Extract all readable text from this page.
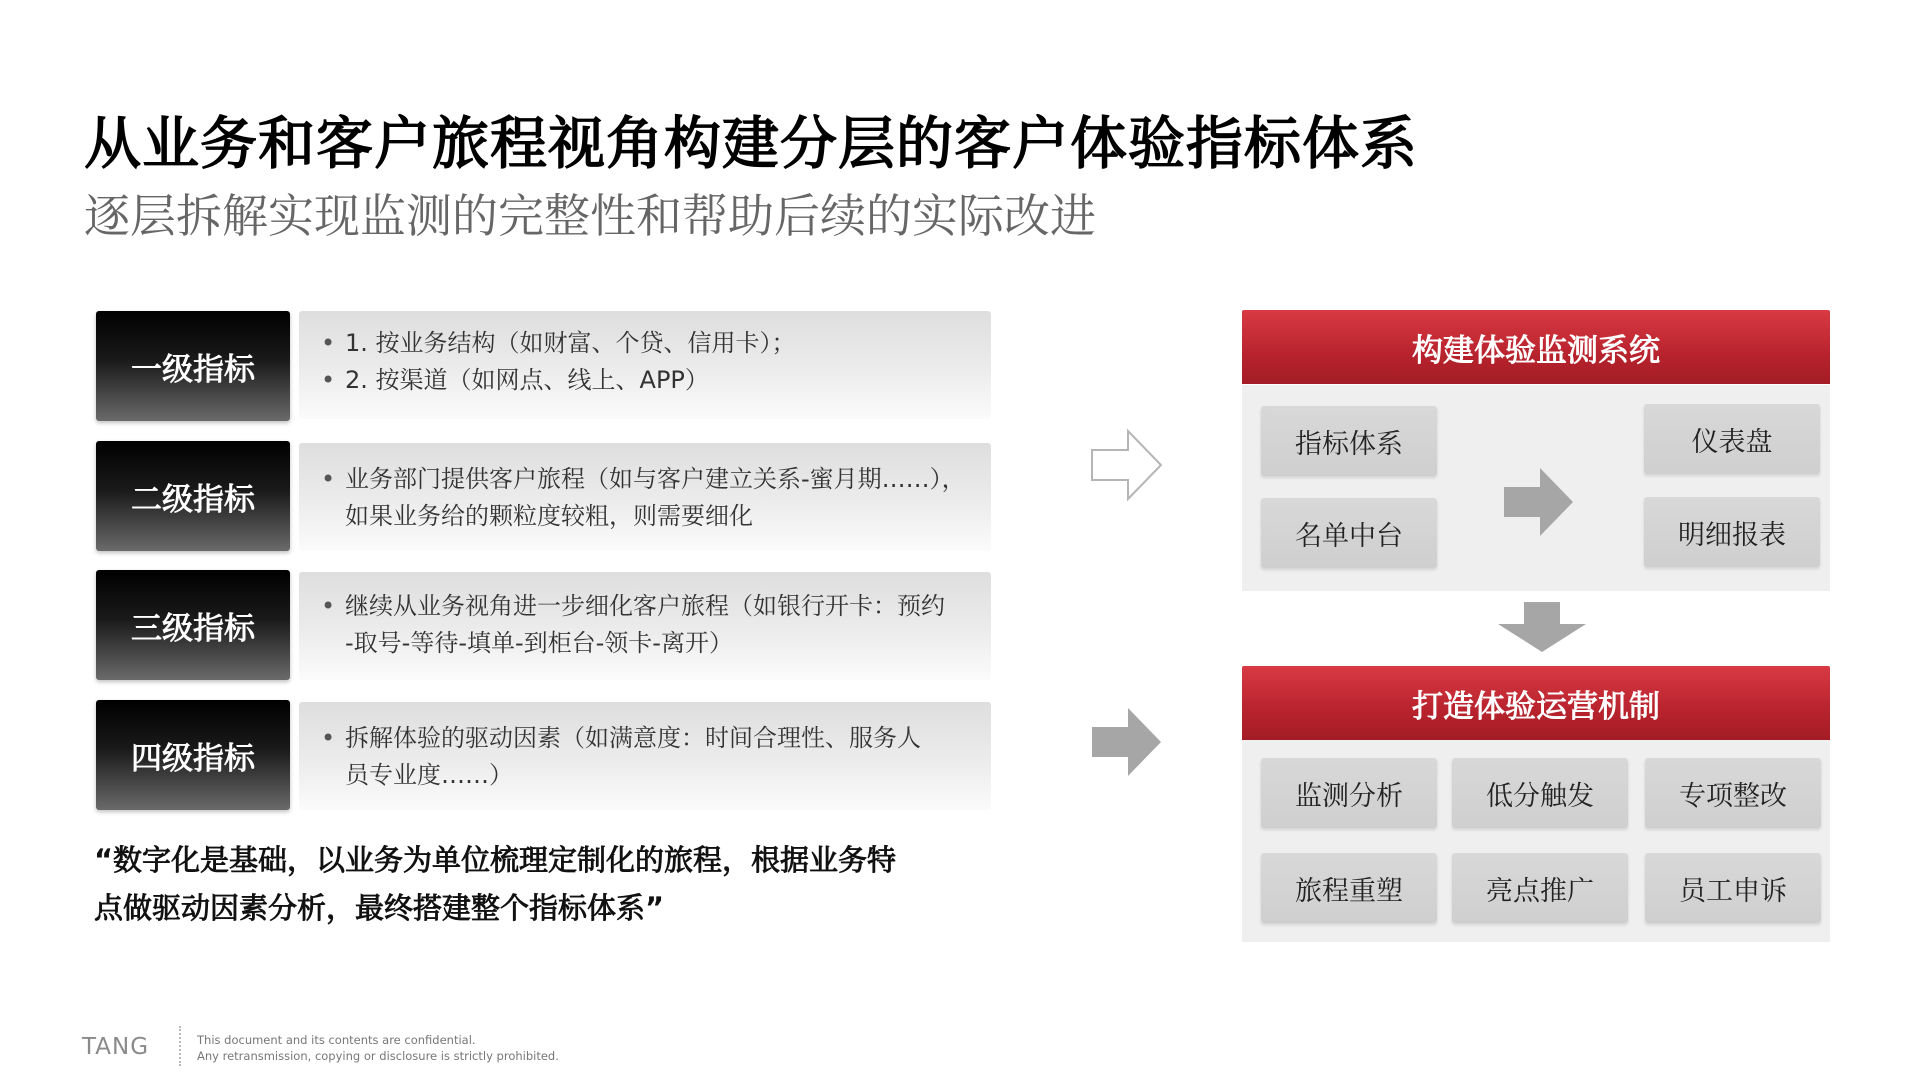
从业务和客户旅程视角构建分层的客户体验指标体系
逐层拆解实现监测的完整性和帮助后续的实际改进
一级指标
• 1. 按业务结构（如财富、个贷、信用卡）；
• 2. 按渠道（如网点、线上、APP）
二级指标
• 业务部门提供客户旅程（如与客户建立关系-蜜月期……），
如果业务给的颗粒度较粗，则需要细化
三级指标
• 继续从业务视角进一步细化客户旅程（如银行开卡：预约
-取号-等待-填单-到柜台-领卡-离开）
四级指标
• 拆解体验的驱动因素（如满意度：时间合理性、服务人
员专业度……）
“数字化是基础，以业务为单位梳理定制化的旅程，根据业务特
点做驱动因素分析，最终搭建整个指标体系”
构建体验监测系统
指标体系
名单中台
仪表盘
明细报表
打造体验运营机制
监测分析	低分触发	专项整改
旅程重塑	亮点推广	员工申诉
TANG	This document and its contents are confidential.
Any retransmission, copying or disclosure is strictly prohibited.
